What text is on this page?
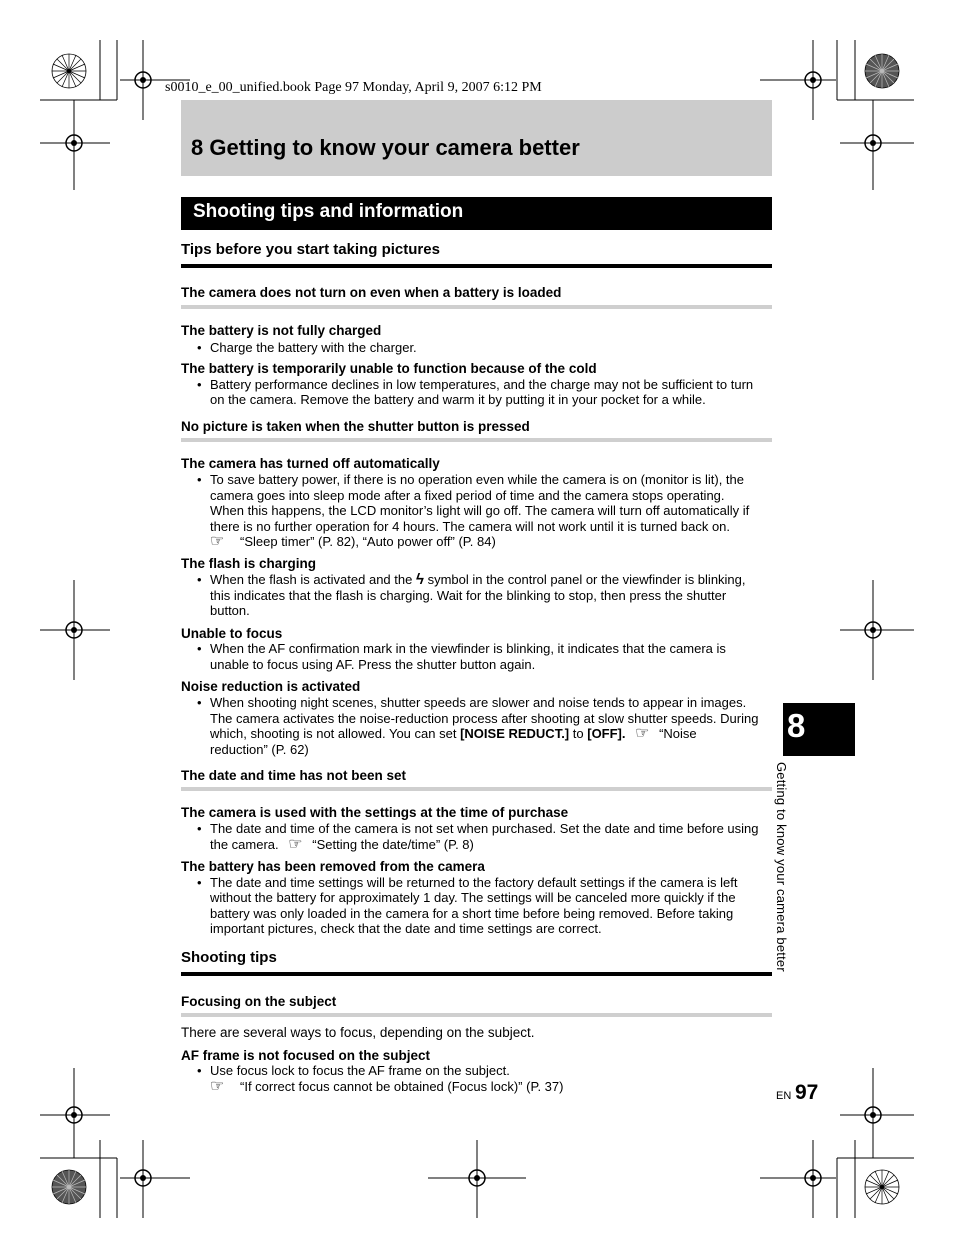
s0010_e_00_unified.book Page 97 Monday, April 9, 2007 6:12 PM
8 Getting to know your camera better
Shooting tips and information
Tips before you start taking pictures
The camera does not turn on even when a battery is loaded
The battery is not fully charged
• Charge the battery with the charger.
The battery is temporarily unable to function because of the cold
• Battery performance declines in low temperatures, and the charge may not be sufficient to turn
on the camera. Remove the battery and warm it by putting it in your pocket for a while.
No picture is taken when the shutter button is pressed
The camera has turned off automatically
• To save battery power, if there is no operation even while the camera is on (monitor is lit), the
camera goes into sleep mode after a fixed period of time and the camera stops operating.
When this happens, the LCD monitor’s light will go off. The camera will turn off automatically if
there is no further operation for 4 hours. The camera will not work until it is turned back on.
☞ “Sleep timer” (P. 82), “Auto power off” (P. 84)
The flash is charging
• When the flash is activated and the ϟ symbol in the control panel or the viewfinder is blinking,
this indicates that the flash is charging. Wait for the blinking to stop, then press the shutter
button.
Unable to focus
• When the AF confirmation mark in the viewfinder is blinking, it indicates that the camera is
unable to focus using AF. Press the shutter button again.
Noise reduction is activated
• When shooting night scenes, shutter speeds are slower and noise tends to appear in images.
The camera activates the noise-reduction process after shooting at slow shutter speeds. During
which, shooting is not allowed. You can set [NOISE REDUCT.] to [OFF]. ☞ “Noise
reduction” (P. 62)
The date and time has not been set
The camera is used with the settings at the time of purchase
• The date and time of the camera is not set when purchased. Set the date and time before using
the camera. ☞ “Setting the date/time” (P. 8)
The battery has been removed from the camera
• The date and time settings will be returned to the factory default settings if the camera is left
without the battery for approximately 1 day. The settings will be canceled more quickly if the
battery was only loaded in the camera for a short time before being removed. Before taking
important pictures, check that the date and time settings are correct.
Shooting tips
Focusing on the subject
There are several ways to focus, depending on the subject.
AF frame is not focused on the subject
• Use focus lock to focus the AF frame on the subject.
☞ “If correct focus cannot be obtained (Focus lock)” (P. 37)
8
Getting to know your camera better
EN 97
